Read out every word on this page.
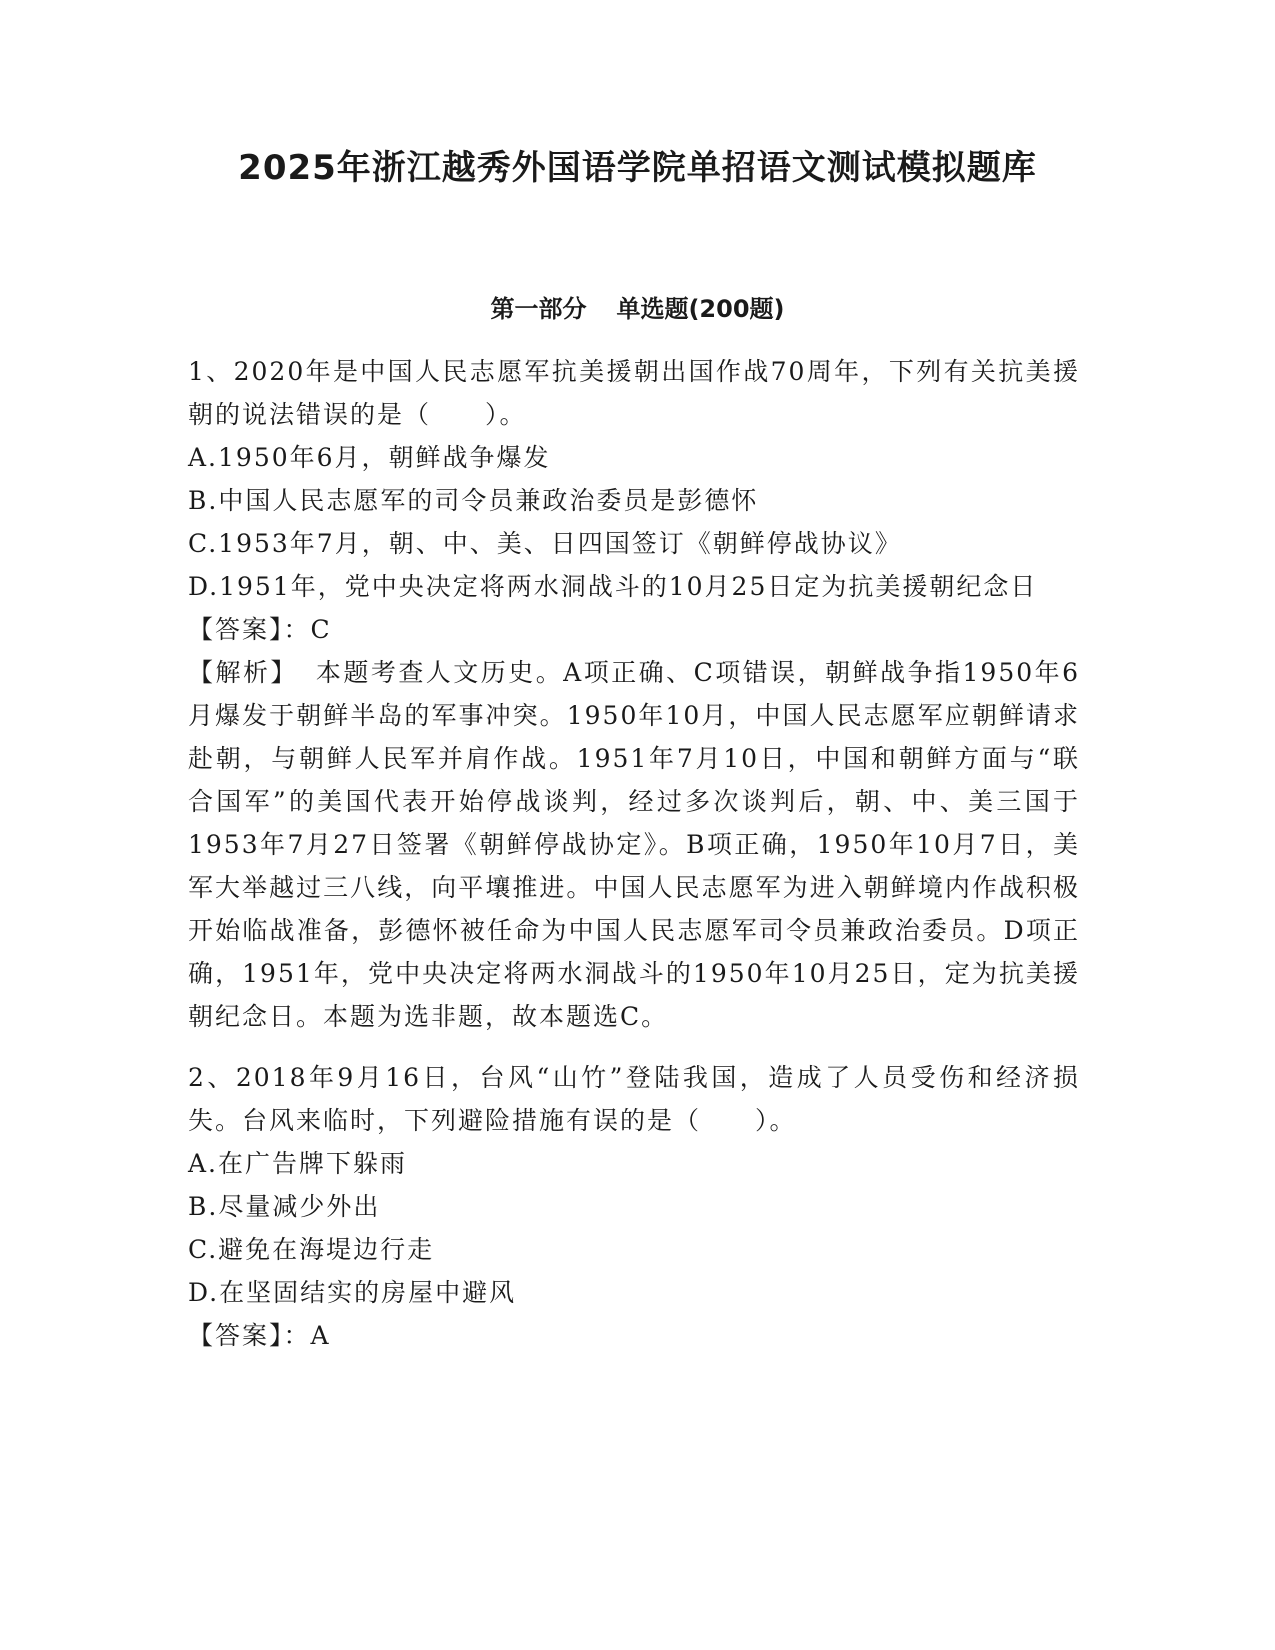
2025年浙江越秀外国语学院单招语文测试模拟题库
第一部分 单选题(200题)

1、2020年是中国人民志愿军抗美援朝出国作战70周年，下列有关抗美援朝的说法错误的是（　　）。

A.1950年6月，朝鲜战争爆发

B.中国人民志愿军的司令员兼政治委员是彭德怀

C.1953年7月，朝、中、美、日四国签订《朝鲜停战协议》

D.1951年，党中央决定将两水洞战斗的10月25日定为抗美援朝纪念日

【答案】：C

【解析】 本题考查人文历史。A项正确、C项错误，朝鲜战争指1950年6月爆发于朝鲜半岛的军事冲突。1950年10月，中国人民志愿军应朝鲜请求赴朝，与朝鲜人民军并肩作战。1951年7月10日，中国和朝鲜方面与“联合国军”的美国代表开始停战谈判，经过多次谈判后，朝、中、美三国于1953年7月27日签署《朝鲜停战协定》。B项正确，1950年10月7日，美军大举越过三八线，向平壤推进。中国人民志愿军为进入朝鲜境内作战积极开始临战准备，彭德怀被任命为中国人民志愿军司令员兼政治委员。D项正确，1951年，党中央决定将两水洞战斗的1950年10月25日，定为抗美援朝纪念日。本题为选非题，故本题选C。

2、2018年9月16日，台风“山竹”登陆我国，造成了人员受伤和经济损失。台风来临时，下列避险措施有误的是（　　）。

A.在广告牌下躲雨

B.尽量减少外出

C.避免在海堤边行走

D.在坚固结实的房屋中避风

【答案】：A
